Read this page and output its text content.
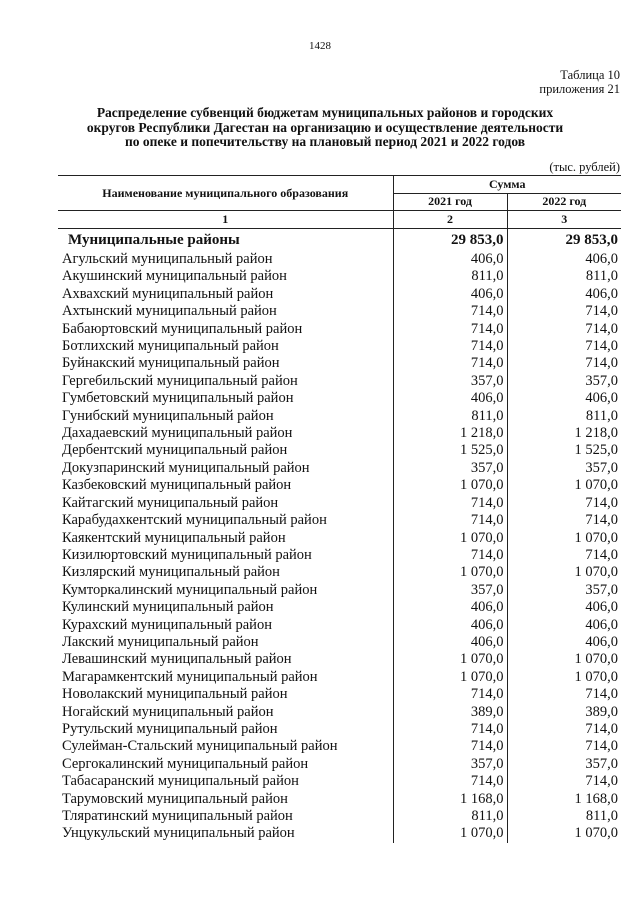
1428
Таблица 10
приложения 21
Распределение субвенций бюджетам муниципальных районов и городских
округов Республики Дагестан на организацию и осуществление деятельности
по опеке и попечительству на плановый период 2021 и 2022 годов
(тыс. рублей)
Наименование муниципального образования	Сумма	
	2021 год	2022 год
1	2	3
Муниципальные районы	29 853,0	29 853,0
Агульский муниципальный район	406,0	406,0
Акушинский муниципальный район	811,0	811,0
Ахвахский муниципальный район	406,0	406,0
Ахтынский муниципальный район	714,0	714,0
Бабаюртовский муниципальный район	714,0	714,0
Ботлихский муниципальный район	714,0	714,0
Буйнакский муниципальный район	714,0	714,0
Гергебильский муниципальный район	357,0	357,0
Гумбетовский муниципальный район	406,0	406,0
Гунибский муниципальный район	811,0	811,0
Дахадаевский муниципальный район	1 218,0	1 218,0
Дербентский муниципальный район	1 525,0	1 525,0
Докузпаринский муниципальный район	357,0	357,0
Казбековский муниципальный район	1 070,0	1 070,0
Кайтагский муниципальный район	714,0	714,0
Карабудахкентский муниципальный район	714,0	714,0
Каякентский муниципальный район	1 070,0	1 070,0
Кизилюртовский муниципальный район	714,0	714,0
Кизлярский муниципальный район	1 070,0	1 070,0
Кумторкалинский муниципальный район	357,0	357,0
Кулинский муниципальный район	406,0	406,0
Курахский муниципальный район	406,0	406,0
Лакский муниципальный район	406,0	406,0
Левашинский муниципальный район	1 070,0	1 070,0
Магарамкентский муниципальный район	1 070,0	1 070,0
Новолакский муниципальный район	714,0	714,0
Ногайский муниципальный район	389,0	389,0
Рутульский муниципальный район	714,0	714,0
Сулейман-Стальский муниципальный район	714,0	714,0
Сергокалинский муниципальный район	357,0	357,0
Табасаранский муниципальный район	714,0	714,0
Тарумовский муниципальный район	1 168,0	1 168,0
Тляратинский муниципальный район	811,0	811,0
Унцукульский муниципальный район	1 070,0	1 070,0
